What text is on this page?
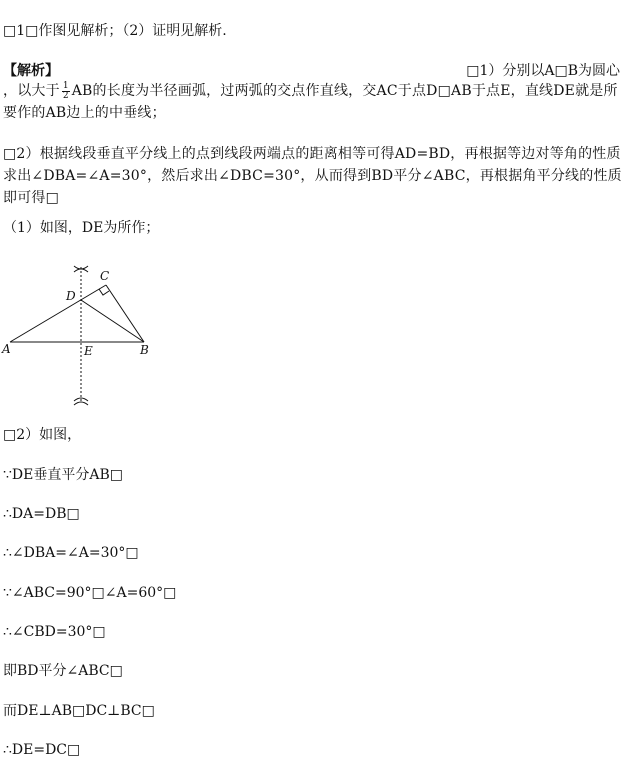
□1□作图见解析；（2）证明见解析.
【解析】	□1）分别以A□B为圆心
，以大于 $\frac{1}{2}$ AB的长度为半径画弧，过两弧的交点作直线，交AC于点D□AB于点E，直线DE就是所要作的AB边上的中垂线；
□2）根据线段垂直平分线上的点到线段两端点的距离相等可得AD=BD，再根据等边对等角的性质求出∠DBA=∠A=30°，然后求出∠DBC=30°，从而得到BD平分∠ABC，再根据角平分线的性质即可得□
（1）如图，DE为所作；
A	B
C
D
E
□2）如图，
∵DE垂直平分AB□
∴DA=DB□
∴∠DBA=∠A=30°□
∵∠ABC=90°□∠A=60°□
∴∠CBD=30°□
即BD平分∠ABC□
而DE⊥AB□DC⊥BC□
∴DE=DC□
